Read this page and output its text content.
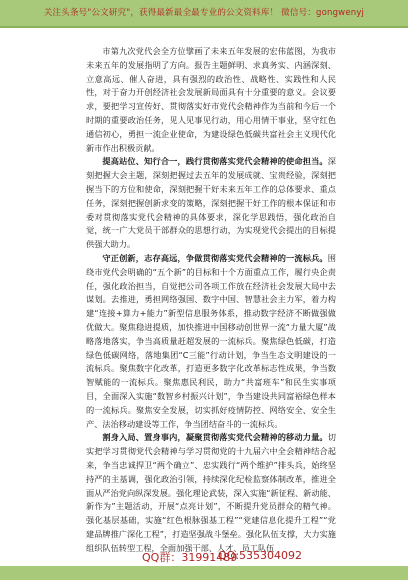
关注头条号"公文研究"，获得最新最全最专业的公文资料库！ 微信号：gongwenyj

市第九次党代会全方位擘画了未来五年发展的宏伟蓝图，为我市未来五年的发展指明了方向。报告主题鲜明、求真务实、内涵深刻、立意高远、催人奋进，具有强烈的政治性、战略性、实践性和人民性，对于奋力开创经济社会发展新局面具有十分重要的意义。会议要求，要把学习宣传好、贯彻落实好市党代会精神作为当前和今后一个时期的重要政治任务，见人见事见行动，用心用情干事业，坚守红色通信初心，勇担一流企业使命，为建设绿色低碳共富社会主义现代化新市作出积极贡献。

提高站位、知行合一，践行贯彻落实党代会精神的使命担当。深刻把握大会主题，深刻把握过去五年的发展成就、宝贵经验，深刻把握当下的方位和使命，深刻把握干好未来五年工作的总体要求、重点任务，深刻把握创新求变的策略，深刻把握干好工作的根本保证和市委对贯彻落实党代会精神的具体要求，深化学思践悟，强化政治自觉，统一广大党员干部群众的思想行动，为实现党代会提出的目标提供强大助力。

守正创新，志存高远，争做贯彻落实党代会精神的一流标兵。围绕市党代会明确的“五个新”的目标和十个方面重点工作，履行央企责任，强化政治担当，自觉把公司各项工作放在经济社会发展大局中去谋划。去推进，勇担网络强国、数字中国、智慧社会主力军，着力构建“连接+算力+能力”新型信息服务体系，推动数字经济不断做强做优做大。聚焦稳进提质，加快推进中国移动创世界一流“力量大厦”战略落地落实，争当高质量赶超发展的一流标兵。聚焦绿色低碳，打造绿色低碳网络，落地集团“C三能”行动计划，争当生态文明建设的一流标兵。聚焦数字化改革，打造更多数字化改革标志性成果，争当数智赋能的一流标兵。聚焦惠民利民，助力“共富班车”和民生实事项目，全面深入实施“数智乡村振兴计划”，争当建设共同富裕绿色样本的一流标兵。聚焦安全发展，切实抓好疫情防控、网络安全、安全生产、法治移动建设等工作，争当团结奋斗的一流标兵。

割身入局、置身事内，凝聚贯彻落实党代会精神的移动力量。切实把学习贯彻党代会精神与学习贯彻党的十九届六中全会精神结合起来，争当忠诚捍卫“两个确立”、忠实践行“两个维护”排头兵，始终坚持严的主基调，强化政治引领，持续深化纪检监察体制改革，推进全面从严治党向纵深发展。强化理论武装，深入实施“新征程、新动能、新作为”主题活动，开展“点亮计划”，不断提升党员群众的精气神。强化基层基础，实施“红色根脉强基工程”“党建信息化提升工程”“党建品牌推广深化工程”，打造坚强战斗堡垒。强化队伍支撑，大力实施组织队伍转型工程，全面加强干部、人才、员工队伍

QQ群：31991489
QQ:535304092
